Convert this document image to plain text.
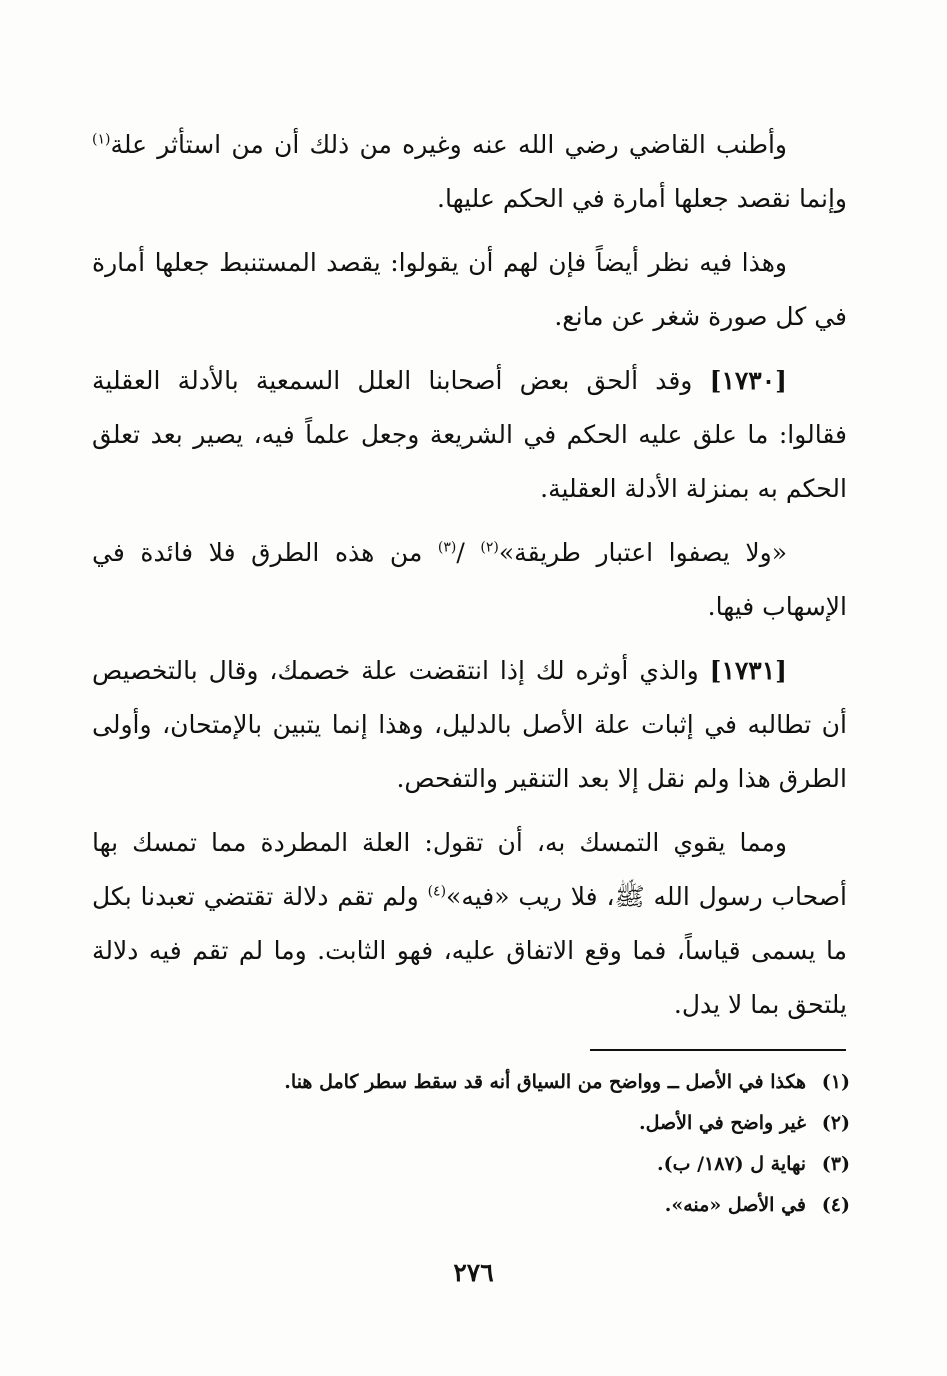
وأطنب القاضي رضي الله عنه وغيره من ذلك أن من استأثر علة$^{(١)}$ وإنما نقصد جعلها أمارة في الحكم عليها.

وهذا فيه نظر أيضاً فإن لهم أن يقولوا: يقصد المستنبط جعلها أمارة في كل صورة شغر عن مانع.

[١٧٣٠] وقد ألحق بعض أصحابنا العلل السمعية بالأدلة العقلية فقالوا: ما علق عليه الحكم في الشريعة وجعل علماً فيه، يصير بعد تعلق الحكم به بمنزلة الأدلة العقلية.

«ولا يصفوا اعتبار طريقة»$^{(٢)}$ /$^{(٣)}$ من هذه الطرق فلا فائدة في الإسهاب فيها.

[١٧٣١] والذي أوثره لك إذا انتقضت علة خصمك، وقال بالتخصيص أن تطالبه في إثبات علة الأصل بالدليل، وهذا إنما يتبين بالإمتحان، وأولى الطرق هذا ولم نقل إلا بعد التنقير والتفحص.

ومما يقوي التمسك به، أن تقول: العلة المطردة مما تمسك بها أصحاب رسول الله ﷺ، فلا ريب «فيه»$^{(٤)}$ ولم تقم دلالة تقتضي تعبدنا بكل ما يسمى قياساً، فما وقع الاتفاق عليه، فهو الثابت. وما لم تقم فيه دلالة يلتحق بما لا يدل.

(١)هكذا في الأصل ــ وواضح من السياق أنه قد سقط سطر كامل هنا.
(٢)غير واضح في الأصل.
(٣)نهاية ل (١٨٧/ ب).
(٤)في الأصل «منه».
٢٧٦
